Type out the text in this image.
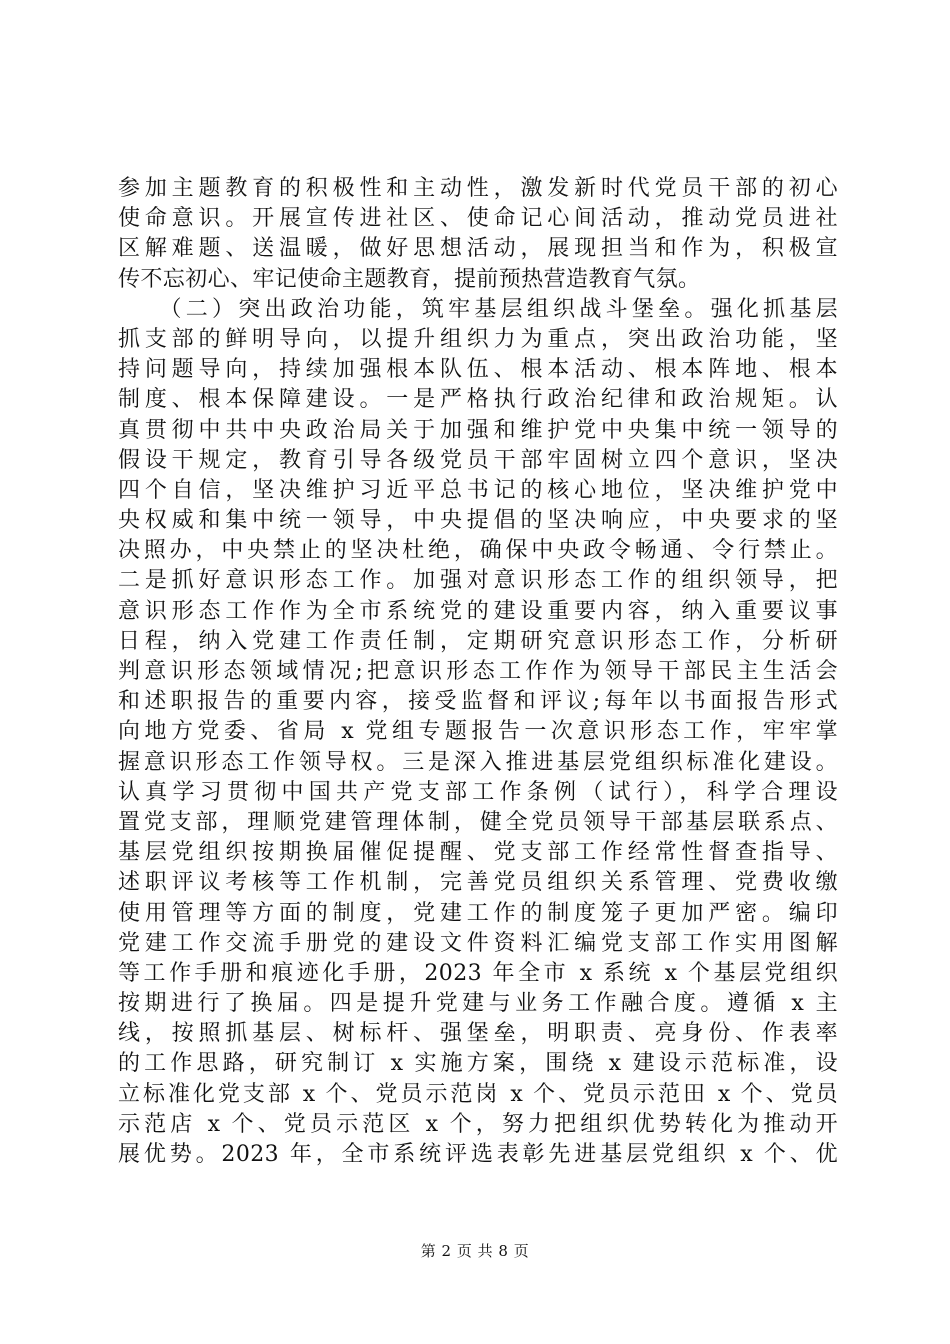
参加主题教育的积极性和主动性，激发新时代党员干部的初心
使命意识。开展宣传进社区、使命记心间活动，推动党员进社
区解难题、送温暖，做好思想活动，展现担当和作为，积极宣
传不忘初心、牢记使命主题教育，提前预热营造教育气氛。
　　（二）突出政治功能，筑牢基层组织战斗堡垒。强化抓基层
抓支部的鲜明导向，以提升组织力为重点，突出政治功能，坚
持问题导向，持续加强根本队伍、根本活动、根本阵地、根本
制度、根本保障建设。一是严格执行政治纪律和政治规矩。认
真贯彻中共中央政治局关于加强和维护党中央集中统一领导的
假设干规定，教育引导各级党员干部牢固树立四个意识，坚决
四个自信，坚决维护习近平总书记的核心地位，坚决维护党中
央权威和集中统一领导，中央提倡的坚决响应，中央要求的坚
决照办，中央禁止的坚决杜绝，确保中央政令畅通、令行禁止。
二是抓好意识形态工作。加强对意识形态工作的组织领导，把
意识形态工作作为全市系统党的建设重要内容，纳入重要议事
日程，纳入党建工作责任制，定期研究意识形态工作，分析研
判意识形态领域情况;把意识形态工作作为领导干部民主生活会
和述职报告的重要内容，接受监督和评议;每年以书面报告形式
向地方党委、省局 x 党组专题报告一次意识形态工作，牢牢掌
握意识形态工作领导权。三是深入推进基层党组织标准化建设。
认真学习贯彻中国共产党支部工作条例（试行），科学合理设
置党支部，理顺党建管理体制，健全党员领导干部基层联系点、
基层党组织按期换届催促提醒、党支部工作经常性督查指导、
述职评议考核等工作机制，完善党员组织关系管理、党费收缴
使用管理等方面的制度，党建工作的制度笼子更加严密。编印
党建工作交流手册党的建设文件资料汇编党支部工作实用图解
等工作手册和痕迹化手册，2023 年全市 x 系统 x 个基层党组织
按期进行了换届。四是提升党建与业务工作融合度。遵循 x 主
线，按照抓基层、树标杆、强堡垒，明职责、亮身份、作表率
的工作思路，研究制订 x 实施方案，围绕 x 建设示范标准，设
立标准化党支部 x 个、党员示范岗 x 个、党员示范田 x 个、党员
示范店 x 个、党员示范区 x 个，努力把组织优势转化为推动开
展优势。2023 年，全市系统评选表彰先进基层党组织 x 个、优
第 2 页 共 8 页
